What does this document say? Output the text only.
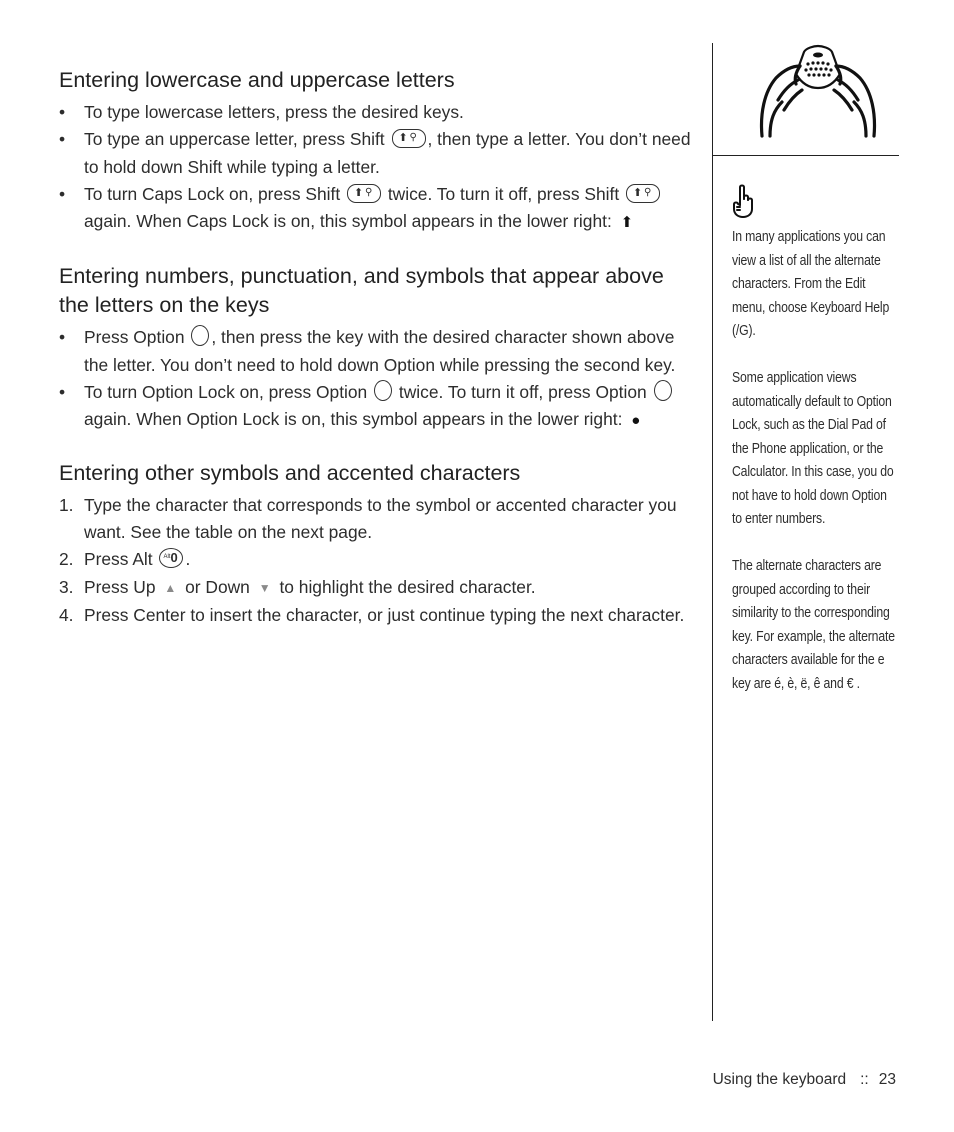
Entering lowercase and uppercase letters
• To type lowercase letters, press the desired keys.
• To type an uppercase letter, press Shift ⬆ ⚲ , then type a letter. You don’t need to hold down Shift while typing a letter.
• To turn Caps Lock on, press Shift ⬆ ⚲ twice. To turn it off, press Shift ⬆ ⚲
again. When Caps Lock is on, this symbol appears in the lower right: ⬆
Entering numbers, punctuation, and symbols that appear above the letters on the keys
• Press Option , then press the key with the desired character shown above the letter. You don’t need to hold down Option while pressing the second key.
• To turn Option Lock on, press Option  twice. To turn it off, press Option  again. When Option Lock is on, this symbol appears in the lower right: ●
Entering other symbols and accented characters
1. Type the character that corresponds to the symbol or accented character you want. See the table on the next page.
2. Press Alt Alt 0 .
3. Press Up ▲ or Down ▼ to highlight the desired character.
4. Press Center to insert the character, or just continue typing the next character.

In many applications you can view a list of all the alternate characters. From the Edit menu, choose Keyboard Help (/G).

Some application views automatically default to Option Lock, such as the Dial Pad of the Phone application, or the Calculator. In this case, you do not have to hold down Option to enter numbers.

The alternate characters are grouped according to their similarity to the corresponding key. For example, the alternate characters available for the e key are é, è, ë, ê and € .

Using the keyboard :: 23
